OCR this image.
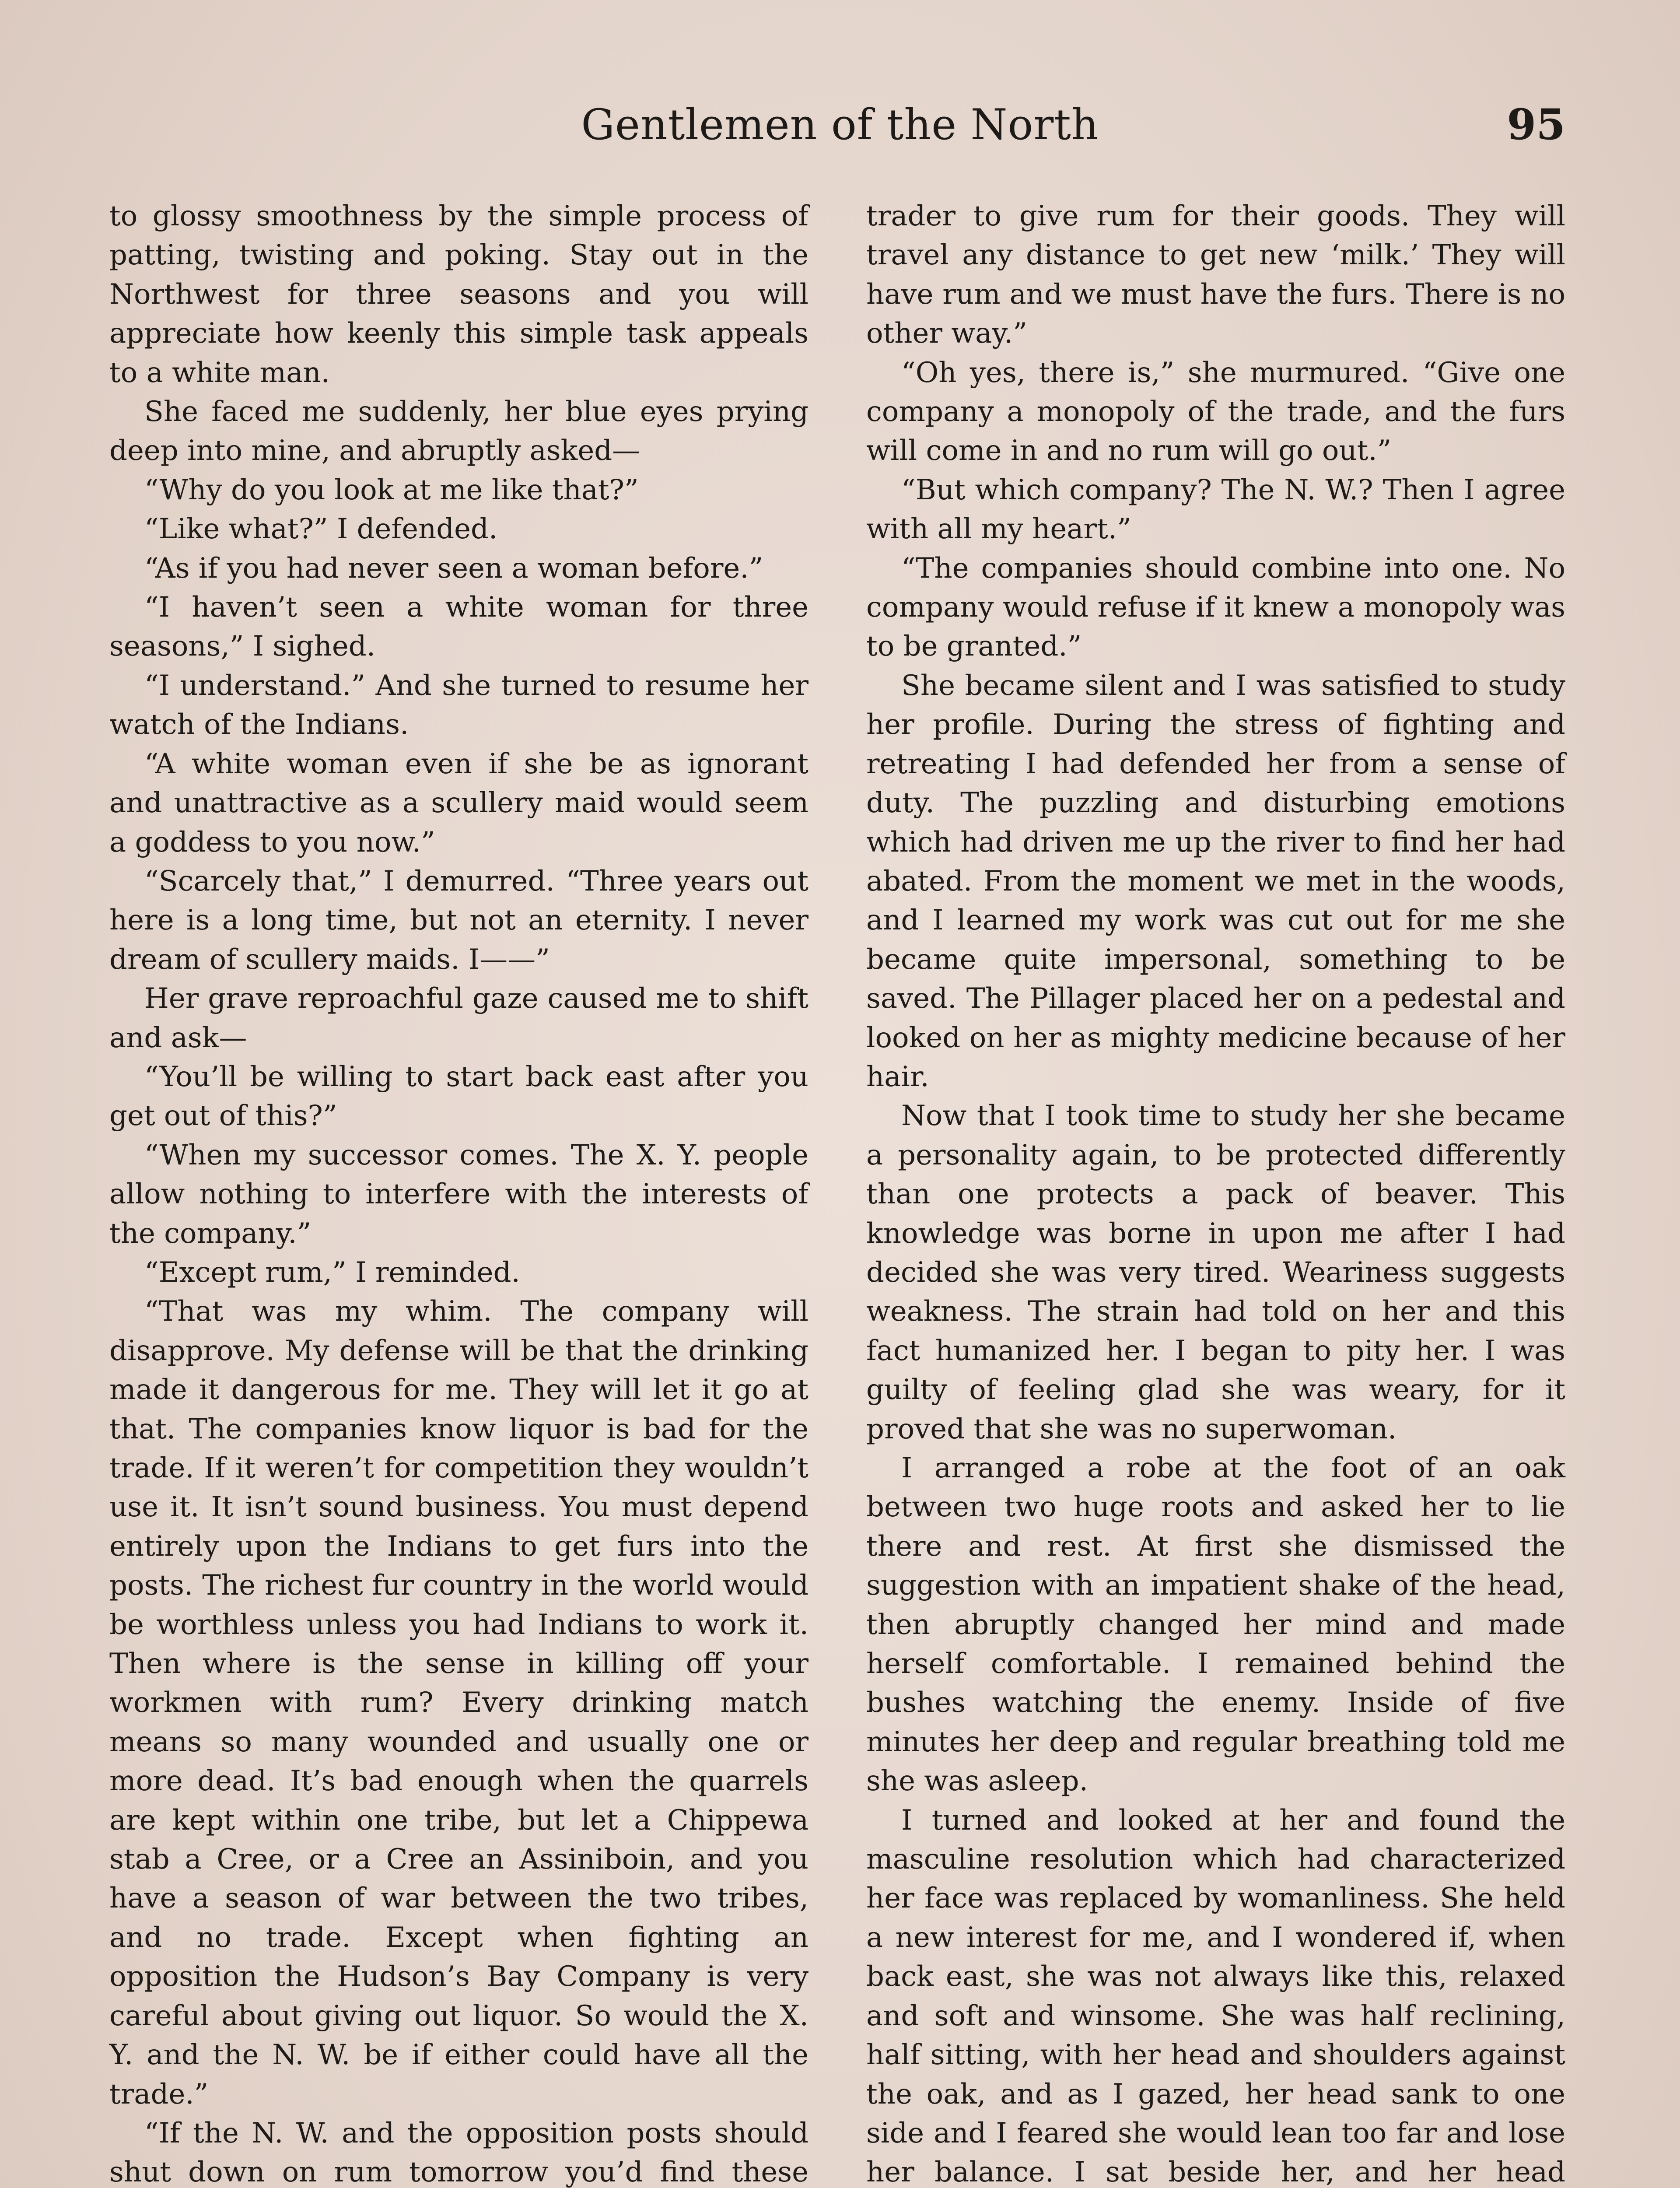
Gentlemen of the North	95

to glossy smoothness by the simple process of patting, twisting and poking. Stay out in the Northwest for three seasons and you will appreciate how keenly this simple task appeals to a white man.

She faced me suddenly, her blue eyes prying deep into mine, and abruptly asked—

“Why do you look at me like that?”

“Like what?” I defended.

“As if you had never seen a woman before.”

“I haven’t seen a white woman for three seasons,” I sighed.

“I understand.” And she turned to resume her watch of the Indians.

“A white woman even if she be as ignorant and unattractive as a scullery maid would seem a goddess to you now.”

“Scarcely that,” I demurred. “Three years out here is a long time, but not an eternity. I never dream of scullery maids. I——”

Her grave reproachful gaze caused me to shift and ask—

“You’ll be willing to start back east after you get out of this?”

“When my successor comes. The X. Y. people allow nothing to interfere with the interests of the company.”

“Except rum,” I reminded.

“That was my whim. The company will disapprove. My defense will be that the drinking made it dangerous for me. They will let it go at that. The companies know liquor is bad for the trade. If it weren’t for competition they wouldn’t use it. It isn’t sound business. You must depend entirely upon the Indians to get furs into the posts. The richest fur country in the world would be worthless unless you had Indians to work it. Then where is the sense in killing off your workmen with rum? Every drinking match means so many wounded and usually one or more dead. It’s bad enough when the quarrels are kept within one tribe, but let a Chippewa stab a Cree, or a Cree an Assiniboin, and you have a season of war between the two tribes, and no trade. Except when fighting an opposition the Hudson’s Bay Company is very careful about giving out liquor. So would the X. Y. and the N. W. be if either could have all the trade.”

“If the N. W. and the opposition posts should shut down on rum tomorrow you’d find these

trader to give rum for their goods. They will travel any distance to get new ‘milk.’ They will have rum and we must have the furs. There is no other way.”

“Oh yes, there is,” she murmured. “Give one company a monopoly of the trade, and the furs will come in and no rum will go out.”

“But which company? The N. W.? Then I agree with all my heart.”

“The companies should combine into one. No company would refuse if it knew a monopoly was to be granted.”

She became silent and I was satisfied to study her profile. During the stress of fighting and retreating I had defended her from a sense of duty. The puzzling and disturbing emotions which had driven me up the river to find her had abated. From the moment we met in the woods, and I learned my work was cut out for me she became quite impersonal, something to be saved. The Pillager placed her on a pedestal and looked on her as mighty medicine because of her hair.

Now that I took time to study her she became a personality again, to be protected differently than one protects a pack of beaver. This knowledge was borne in upon me after I had decided she was very tired. Weariness suggests weakness. The strain had told on her and this fact humanized her. I began to pity her. I was guilty of feeling glad she was weary, for it proved that she was no superwoman.

I arranged a robe at the foot of an oak between two huge roots and asked her to lie there and rest. At first she dismissed the suggestion with an impatient shake of the head, then abruptly changed her mind and made herself comfortable. I remained behind the bushes watching the enemy. Inside of five minutes her deep and regular breathing told me she was asleep.

I turned and looked at her and found the masculine resolution which had characterized her face was replaced by womanliness. She held a new interest for me, and I wondered if, when back east, she was not always like this, relaxed and soft and winsome. She was half reclining, half sitting, with her head and shoulders against the oak, and as I gazed, her head sank to one side and I feared she would lean too far and lose her balance. I sat beside her, and her head
